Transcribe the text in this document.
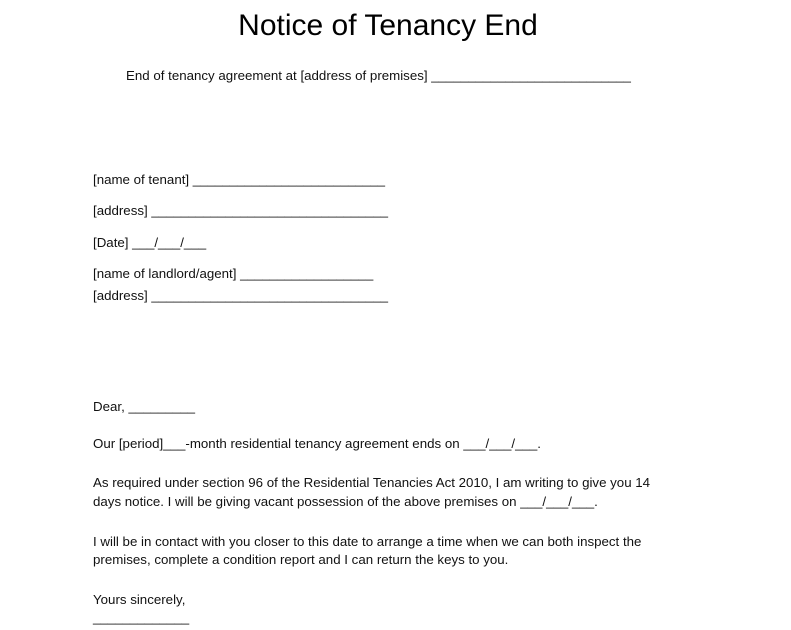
Notice of Tenancy End
End of tenancy agreement at [address of premises] ___________________________
[name of tenant] __________________________
[address] ________________________________
[Date] ___/___/___
[name of landlord/agent] __________________
[address] ________________________________
Dear, _________
Our [period]___-month residential tenancy agreement ends on ___/___/___.
As required under section 96 of the Residential Tenancies Act 2010, I am writing to give you 14
days notice. I will be giving vacant possession of the above premises on ___/___/___.
I will be in contact with you closer to this date to arrange a time when we can both inspect the
premises, complete a condition report and I can return the keys to you.
Yours sincerely,
_____________
